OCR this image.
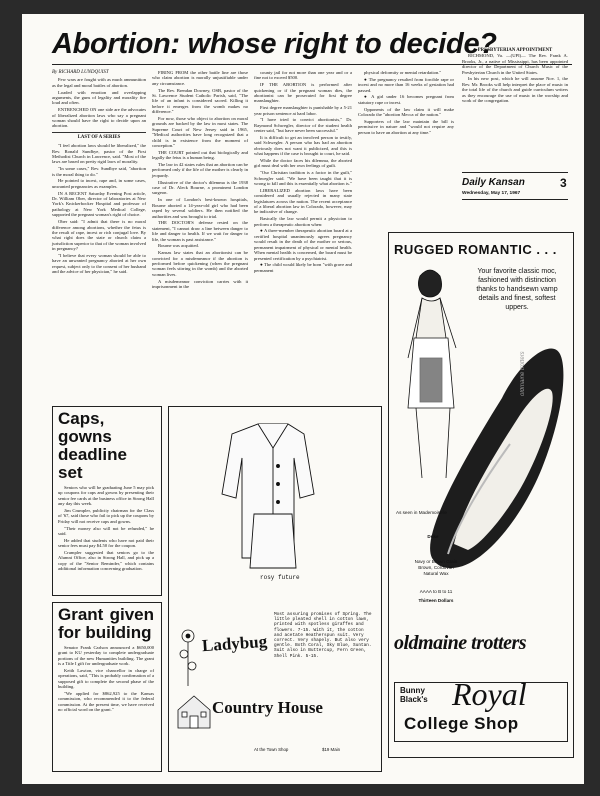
Abortion: whose right to decide?
By RICHARD LUNDQUIST

Few wars are fought with as much ammunition as the legal and moral battles of abortion.

Loaded with emotion and overlapping arguments, the guns of legality and morality fire loud and often.

ENTRENCHED ON one side are the advocates of liberalized abortion laws who say a pregnant woman should have the right to decide upon an abortion.

LAST OF A SERIES

"I feel abortion laws should be liberalized," the Rev. Ronald Sundbye, pastor of the First Methodist Church in Lawrence, said. "Most of the laws are based on pretty rigid laws of morality.

"In some cases," Rev. Sundbye said, "abortion is the moral thing to do."

He pointed to incest, rape and, in some cases, unwanted pregnancies as examples.

IN A RECENT Saturday Evening Post article, Dr. William Ober, director of laboratories at New York's Knickerbocker Hospital and professor of pathology at New York Medical College, supported the pregnant woman's right of choice.

Ober said: "I admit that there is no moral difference among abortions, whether the fetus is the result of rape, incest or rich conjugal love. By what right does the state or church claim a jurisdiction superior to that of the woman involved in pregnancy?

"I believe that every woman should be able to have an unwanted pregnancy aborted at her own request, subject only to the consent of her husband and the advice of her physician," he said.

FIRING FROM the other battle line are those who claim abortion is morally unjustifiable under any circumstance.

The Rev. Brendan Downey, OSB, pastor of the St. Lawrence Student Catholic Parish, said, "The life of an infant is considered sacred. Killing it before it emerges from the womb makes no difference."

For now, those who object to abortion on moral grounds are backed by the law in most states. The Supreme Court of New Jersey said in 1965, "Medical authorities have long recognized that a child is in existence from the moment of conception."

THE COURT pointed out that biologically and legally the fetus is a human being.

The law in 42 states rules that an abortion can be performed only if the life of the mother is clearly in jeopardy.

Illustrative of the doctor's dilemma is the 1938 case of Dr. Aleck Bourne, a prominent London surgeon.

In one of London's best-known hospitals, Bourne aborted a 14-year-old girl who had been raped by several soldiers. He then notified the authorities and was brought to trial.

THE DOCTOR'S defense rested on the statement, "I cannot draw a line between danger to life and danger to health. If we wait for danger to life, the woman is past assistance."

Bourne was acquitted.

Kansas law states that an abortionist can be convicted for a misdemeanor if the abortion is performed before quickening (when the pregnant woman feels stirring in the womb) and the aborted woman lives.

A misdemeanor conviction carries with it imprisonment in the

county jail for not more than one year and or a fine not to exceed $500.

IF THE ABORTION is performed after quickening or if the pregnant woman dies, the abortionist can be prosecuted for first degree manslaughter.

First degree manslaughter is punishable by a 5-21 year prison sentence at hard labor.

"I have tried to convict abortionists," Dr. Raymond Schwegler, director of the student health center said, "but have never been successful."

It is difficult to get an involved person to testify, said Schwegler. A person who has had an abortion obviously does not want it publicized, and this is what happens if the case is brought to court, he said.

While the doctor faces his dilemma, the aborted girl must deal with her own feelings of guilt.

"Our Christian tradition is a factor in the guilt," Schwegler said. "We have been taught that it is wrong to kill and this is essentially what abortion is."

LIBERALIZED abortion laws have been considered and usually rejected in many state legislatures across the nation. The recent acceptance of a liberal abortion law in Colorado, however, may be indicative of change.

Basically the law would permit a physician to perform a therapeutic abortion when:

● A three-member therapeutic abortion board at a certified hospital unanimously agrees pregnancy would result in the death of the mother or serious, permanent impairment of physical or mental health. When mental health is concerned, the board must be presented certification by a psychiatrist.

● The child would likely be born "with grave and permanent

physical deformity or mental retardation."

● The pregnancy resulted from forcible rape or incest and no more than 16 weeks of gestation had passed.

● A girl under 16 becomes pregnant from statutory rape or incest.

Opponents of the law claim it will make Colorado the "abortion Mecca of the nation."

Supporters of the law maintain the bill is permissive in nature and "would not require any person to have an abortion at any time."

PRESBYTERIAN APPOINTMENT

RICHMOND, Va. —(UPI)— The Rev. Frank A. Brooks, Jr., a native of Mississippi, has been appointed director of the Department of Church Music of the Presbyterian Church in the United States.

In his new post, which he will assume Nov. 1, the Rev. Mr. Brooks will help interpret the place of music in the total life of the church and guide curriculum writers as they encourage the use of music in the worship and work of the congregation.

Daily Kansan	3
Wednesday, May 17, 1967
RUGGED ROMANTIC . . .
Your favorite classic moc, fashioned with distinction thanks to handsewn vamp details and finest, softest uppers.
oldmaine trotters
As seen in Mademoiselle
Duke
Navy or Brown Grain Brown, Cordovan Natural Wax
AAAA to B to 11
Thirteen Dollars
oldmaine trotters
Bunny Black's Royal
College Shop
Caps, gowns deadline set

Seniors who will be graduating June 5 may pick up coupons for caps and gowns by presenting their senior fee cards at the business office in Strong Hall any day this week.

Jim Crumpler, publicity chairman for the Class of '67, said those who fail to pick up the coupons by Friday will not receive caps and gowns.

"Their money also will not be refunded," he said.

He added that students who have not paid their senior fees must pay $4.50 for the coupon.

Crumpler suggested that seniors go to the Alumni Office, also in Strong Hall, and pick up a copy of the "Senior Reminder," which contains additional information concerning graduation.

Grant given for building

Senator Frank Carlson announced a $650,000 grant to KU yesterday to complete undergraduate portions of the new Humanities building. The grant is a Title I gift for undergraduate work.

Keith Lawton, vice chancellor in charge of operations, said, "This is probably confirmation of a supposed gift to complete the second phase of the building.

"We applied for $862,925 to the Kansas commission, who recommended it to the federal commission. At the present time, we have received no official word on the grant."

rosy future
Ladybug
Country House
At the Town Shop	$19 Main
Most assuring promises of Spring. The little pleated shell in cotton lawn, printed with spotless giraffes and flowers. 7-15. With it, the cotton and acetate Heatherspun suit. Very correct. Very shapely. But also very gentle. Both Coral, Sky Blue, Suntan. Suit also in Buttercup, Fern Green, Shell Pink. 5-15.
